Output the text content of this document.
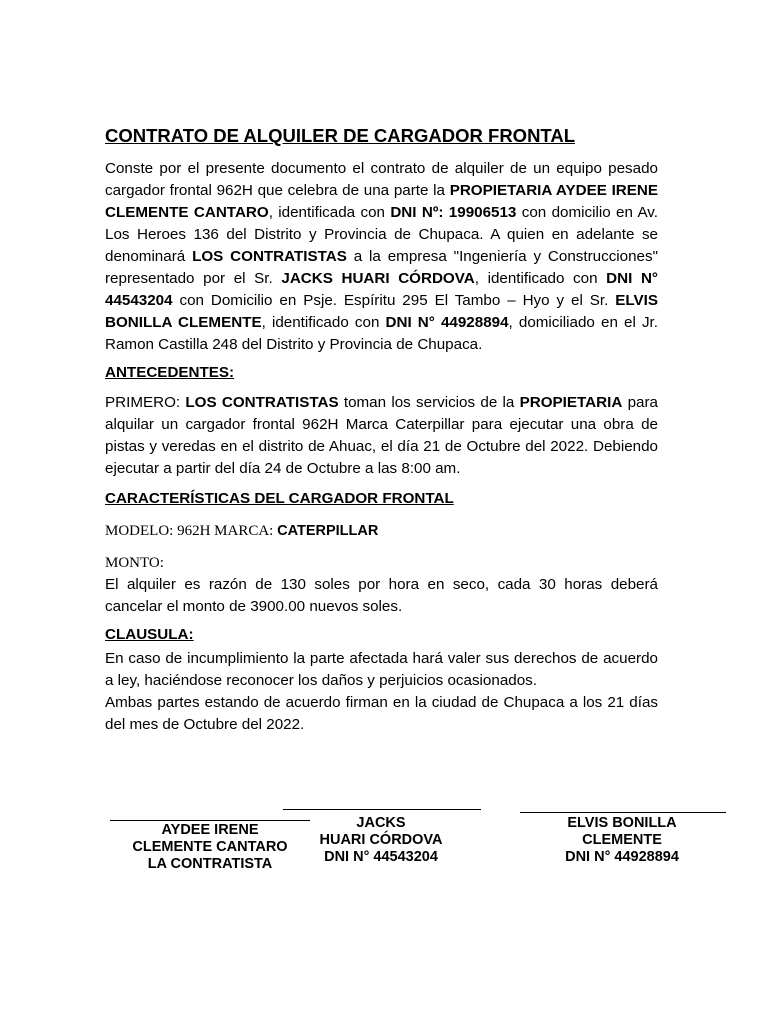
CONTRATO DE ALQUILER DE CARGADOR FRONTAL
Conste por el presente documento el contrato de alquiler de un equipo pesado cargador frontal 962H que celebra de una parte la PROPIETARIA AYDEE IRENE CLEMENTE CANTARO, identificada con DNI Nº: 19906513 con domicilio en Av. Los Heroes 136 del Distrito y Provincia de Chupaca. A quien en adelante se denominará LOS CONTRATISTAS a la empresa "Ingeniería y Construcciones" representado por el Sr. JACKS HUARI CÓRDOVA, identificado con DNI N° 44543204 con Domicilio en Psje. Espíritu 295 El Tambo – Hyo y el Sr. ELVIS BONILLA CLEMENTE, identificado con DNI N° 44928894, domiciliado en el Jr. Ramon Castilla 248 del Distrito y Provincia de Chupaca.
ANTECEDENTES:
PRIMERO: LOS CONTRATISTAS toman los servicios de la PROPIETARIA para alquilar un cargador frontal 962H Marca Caterpillar para ejecutar una obra de pistas y veredas en el distrito de Ahuac, el día 21 de Octubre del 2022. Debiendo ejecutar a partir del día 24 de Octubre a las 8:00 am.
CARACTERÍSTICAS DEL CARGADOR FRONTAL
MODELO: 962H MARCA: CATERPILLAR
MONTO:
El alquiler es razón de 130 soles por hora en seco, cada 30 horas deberá cancelar el monto de 3900.00 nuevos soles.
CLAUSULA:

En caso de incumplimiento la parte afectada hará valer sus derechos de acuerdo a ley, haciéndose reconocer los daños y perjuicios ocasionados.

Ambas partes estando de acuerdo firman en la ciudad de Chupaca a los 21 días del mes de Octubre del 2022.

AYDEE IRENE
CLEMENTE CANTARO
LA CONTRATISTA
JACKS
HUARI CÓRDOVA
DNI N° 44543204
ELVIS BONILLA
CLEMENTE
DNI N° 44928894
